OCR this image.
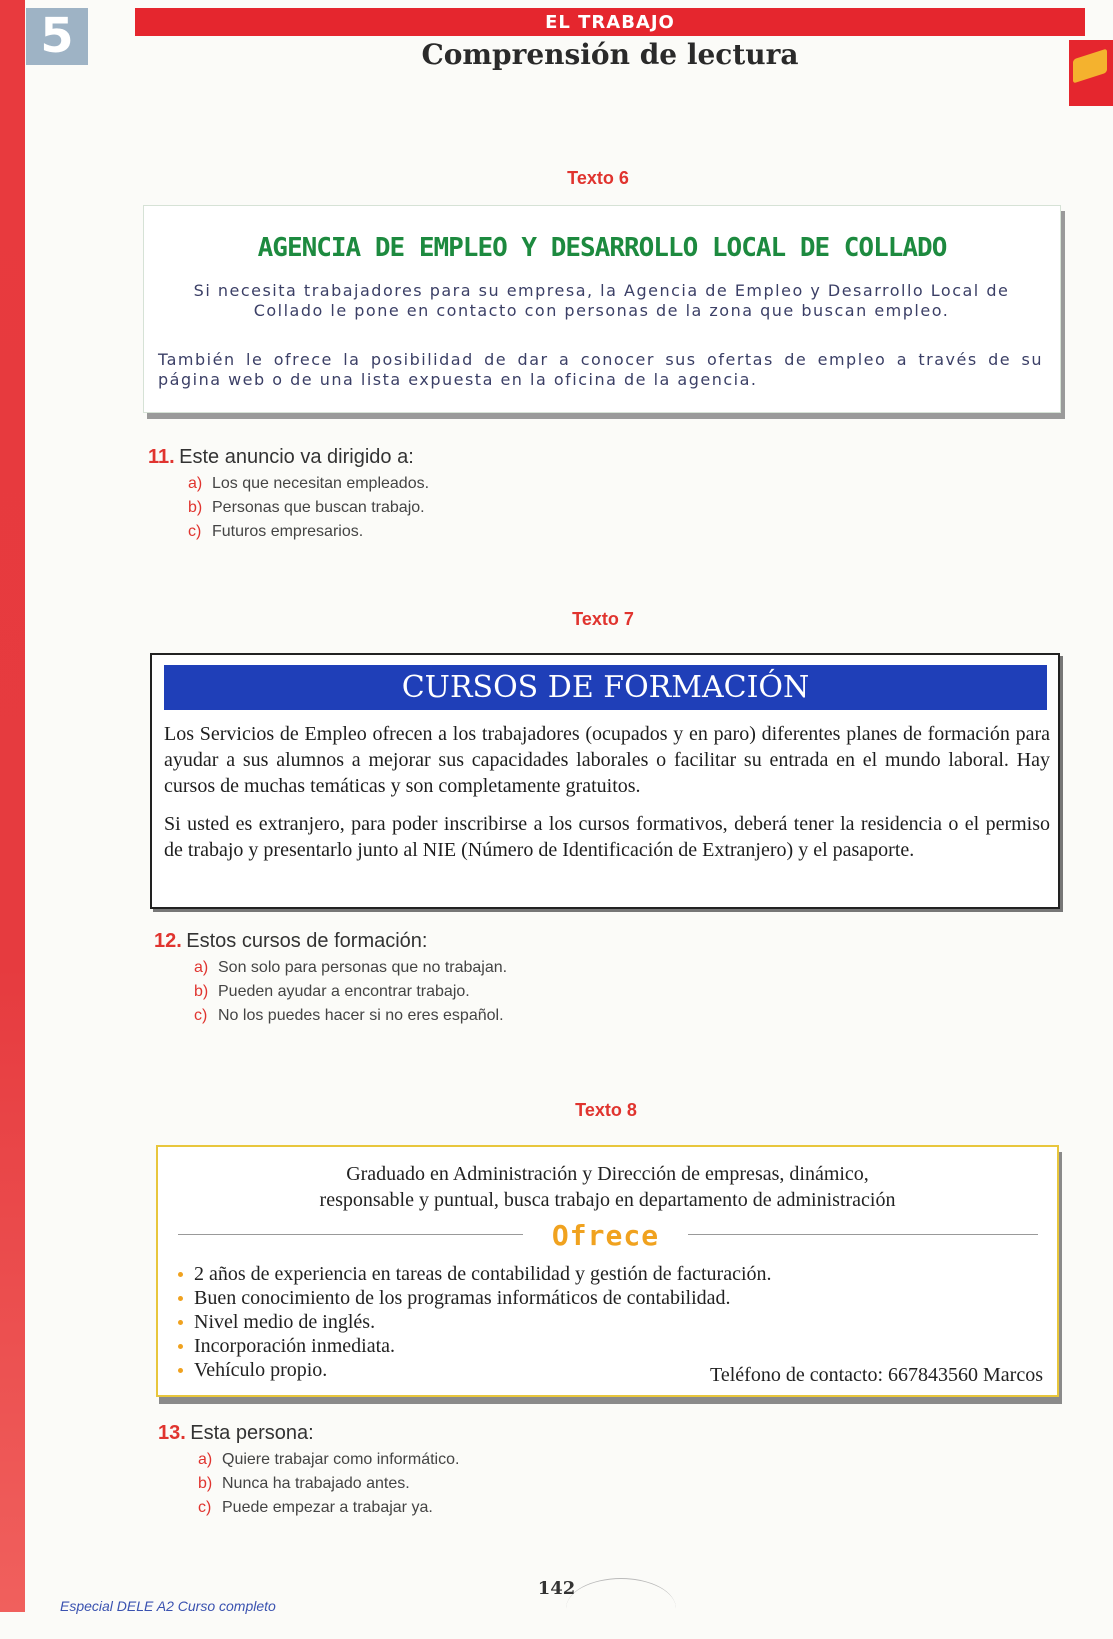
5	EL TRABAJO
Comprensión de lectura
Texto 6
AGENCIA DE EMPLEO Y DESARROLLO LOCAL DE COLLADO
Si necesita trabajadores para su empresa, la Agencia de Empleo y Desarrollo Local de Collado le pone en contacto con personas de la zona que buscan empleo.
También le ofrece la posibilidad de dar a conocer sus ofertas de empleo a través de su página web o de una lista expuesta en la oficina de la agencia.
11. Este anuncio va dirigido a:
a) Los que necesitan empleados.
b) Personas que buscan trabajo.
c) Futuros empresarios.
Texto 7
CURSOS DE FORMACIÓN
Los Servicios de Empleo ofrecen a los trabajadores (ocupados y en paro) diferentes planes de formación para ayudar a sus alumnos a mejorar sus capacidades laborales o facilitar su entrada en el mundo laboral. Hay cursos de muchas temáticas y son completamente gratuitos.
Si usted es extranjero, para poder inscribirse a los cursos formativos, deberá tener la residencia o el permiso de trabajo y presentarlo junto al NIE (Número de Identificación de Extranjero) y el pasaporte.
12. Estos cursos de formación:
a) Son solo para personas que no trabajan.
b) Pueden ayudar a encontrar trabajo.
c) No los puedes hacer si no eres español.
Texto 8
Graduado en Administración y Dirección de empresas, dinámico,
responsable y puntual, busca trabajo en departamento de administración
Ofrece
2 años de experiencia en tareas de contabilidad y gestión de facturación.
Buen conocimiento de los programas informáticos de contabilidad.
Nivel medio de inglés.
Incorporación inmediata.
Vehículo propio.	Teléfono de contacto: 667843560 Marcos
13. Esta persona:
a) Quiere trabajar como informático.
b) Nunca ha trabajado antes.
c) Puede empezar a trabajar ya.
142
Especial DELE A2 Curso completo
